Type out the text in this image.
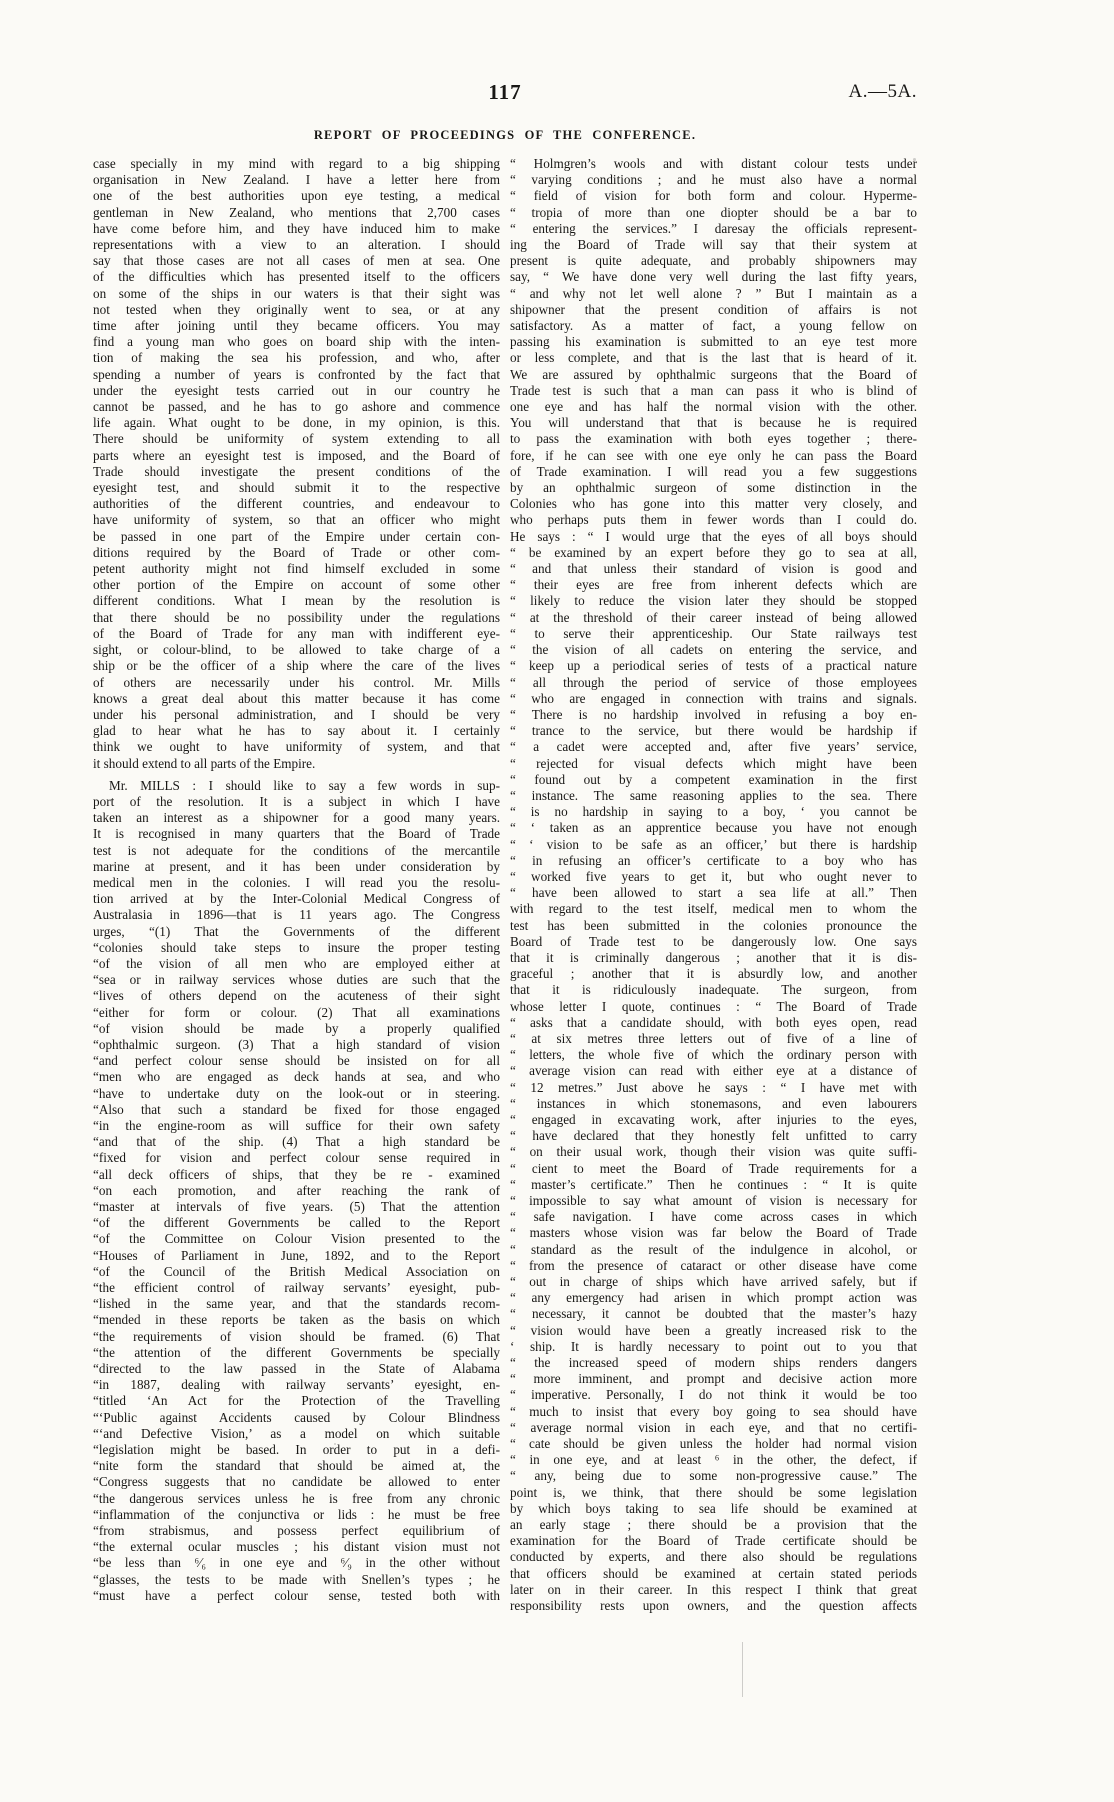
117	A.—5A.
REPORT OF PROCEEDINGS OF THE CONFERENCE.
case specially in my mind with regard to a big shipping
organisation in New Zealand. I have a letter here from
one of the best authorities upon eye testing, a medical
gentleman in New Zealand, who mentions that 2,700 cases
have come before him, and they have induced him to make
representations with a view to an alteration. I should
say that those cases are not all cases of men at sea. One
of the difficulties which has presented itself to the officers
on some of the ships in our waters is that their sight was
not tested when they originally went to sea, or at any
time after joining until they became officers. You may
find a young man who goes on board ship with the inten-
tion of making the sea his profession, and who, after
spending a number of years is confronted by the fact that
under the eyesight tests carried out in our country he
cannot be passed, and he has to go ashore and commence
life again. What ought to be done, in my opinion, is this.
There should be uniformity of system extending to all
parts where an eyesight test is imposed, and the Board of
Trade should investigate the present conditions of the
eyesight test, and should submit it to the respective
authorities of the different countries, and endeavour to
have uniformity of system, so that an officer who might
be passed in one part of the Empire under certain con-
ditions required by the Board of Trade or other com-
petent authority might not find himself excluded in some
other portion of the Empire on account of some other
different conditions. What I mean by the resolution is
that there should be no possibility under the regulations
of the Board of Trade for any man with indifferent eye-
sight, or colour-blind, to be allowed to take charge of a
ship or be the officer of a ship where the care of the lives
of others are necessarily under his control. Mr. Mills
knows a great deal about this matter because it has come
under his personal administration, and I should be very
glad to hear what he has to say about it. I certainly
think we ought to have uniformity of system, and that
it should extend to all parts of the Empire.
Mr. MILLS : I should like to say a few words in sup-
port of the resolution. It is a subject in which I have
taken an interest as a shipowner for a good many years.
It is recognised in many quarters that the Board of Trade
test is not adequate for the conditions of the mercantile
marine at present, and it has been under consideration by
medical men in the colonies. I will read you the resolu-
tion arrived at by the Inter-Colonial Medical Congress of
Australasia in 1896—that is 11 years ago. The Congress
urges, “(1) That the Governments of the different
“colonies should take steps to insure the proper testing
“of the vision of all men who are employed either at
“sea or in railway services whose duties are such that the
“lives of others depend on the acuteness of their sight
“either for form or colour. (2) That all examinations
“of vision should be made by a properly qualified
“ophthalmic surgeon. (3) That a high standard of vision
“and perfect colour sense should be insisted on for all
“men who are engaged as deck hands at sea, and who
“have to undertake duty on the look-out or in steering.
“Also that such a standard be fixed for those engaged
“in the engine-room as will suffice for their own safety
“and that of the ship. (4) That a high standard be
“fixed for vision and perfect colour sense required in
“all deck officers of ships, that they be re - examined
“on each promotion, and after reaching the rank of
“master at intervals of five years. (5) That the attention
“of the different Governments be called to the Report
“of the Committee on Colour Vision presented to the
“Houses of Parliament in June, 1892, and to the Report
“of the Council of the British Medical Association on
“the efficient control of railway servants’ eyesight, pub-
“lished in the same year, and that the standards recom-
“mended in these reports be taken as the basis on which
“the requirements of vision should be framed. (6) That
“the attention of the different Governments be specially
“directed to the law passed in the State of Alabama
“in 1887, dealing with railway servants’ eyesight, en-
“titled ‘An Act for the Protection of the Travelling
“‘Public against Accidents caused by Colour Blindness
“‘and Defective Vision,’ as a model on which suitable
“legislation might be based. In order to put in a defi-
“nite form the standard that should be aimed at, the
“Congress suggests that no candidate be allowed to enter
“the dangerous services unless he is free from any chronic
“inflammation of the conjunctiva or lids : he must be free
“from strabismus, and possess perfect equilibrium of
“the external ocular muscles ; his distant vision must not
“be less than ⁶⁄₆ in one eye and ⁶⁄₉ in the other without
“glasses, the tests to be made with Snellen’s types ; he
“must have a perfect colour sense, tested both with
“ Holmgren’s wools and with distant colour tests under
“ varying conditions ; and he must also have a normal
“ field of vision for both form and colour. Hyperme-
“ tropia of more than one diopter should be a bar to
“ entering the services.” I daresay the officials represent-
ing the Board of Trade will say that their system at
present is quite adequate, and probably shipowners may
say, “ We have done very well during the last fifty years,
“ and why not let well alone ? ” But I maintain as a
shipowner that the present condition of affairs is not
satisfactory. As a matter of fact, a young fellow on
passing his examination is submitted to an eye test more
or less complete, and that is the last that is heard of it.
We are assured by ophthalmic surgeons that the Board of
Trade test is such that a man can pass it who is blind of
one eye and has half the normal vision with the other.
You will understand that that is because he is required
to pass the examination with both eyes together ; there-
fore, if he can see with one eye only he can pass the Board
of Trade examination. I will read you a few suggestions
by an ophthalmic surgeon of some distinction in the
Colonies who has gone into this matter very closely, and
who perhaps puts them in fewer words than I could do.
He says : “ I would urge that the eyes of all boys should
“ be examined by an expert before they go to sea at all,
“ and that unless their standard of vision is good and
“ their eyes are free from inherent defects which are
“ likely to reduce the vision later they should be stopped
“ at the threshold of their career instead of being allowed
“ to serve their apprenticeship. Our State railways test
“ the vision of all cadets on entering the service, and
“ keep up a periodical series of tests of a practical nature
“ all through the period of service of those employees
“ who are engaged in connection with trains and signals.
“ There is no hardship involved in refusing a boy en-
“ trance to the service, but there would be hardship if
“ a cadet were accepted and, after five years’ service,
“ rejected for visual defects which might have been
“ found out by a competent examination in the first
“ instance. The same reasoning applies to the sea. There
“ is no hardship in saying to a boy, ‘ you cannot be
“ ‘ taken as an apprentice because you have not enough
“ ‘ vision to be safe as an officer,’ but there is hardship
“ in refusing an officer’s certificate to a boy who has
“ worked five years to get it, but who ought never to
“ have been allowed to start a sea life at all.” Then
with regard to the test itself, medical men to whom the
test has been submitted in the colonies pronounce the
Board of Trade test to be dangerously low. One says
that it is criminally dangerous ; another that it is dis-
graceful ; another that it is absurdly low, and another
that it is ridiculously inadequate. The surgeon, from
whose letter I quote, continues : “ The Board of Trade
“ asks that a candidate should, with both eyes open, read
“ at six metres three letters out of five of a line of
“ letters, the whole five of which the ordinary person with
“ average vision can read with either eye at a distance of
“ 12 metres.” Just above he says : “ I have met with
“ instances in which stonemasons, and even labourers
“ engaged in excavating work, after injuries to the eyes,
“ have declared that they honestly felt unfitted to carry
“ on their usual work, though their vision was quite suffi-
“ cient to meet the Board of Trade requirements for a
“ master’s certificate.” Then he continues : “ It is quite
“ impossible to say what amount of vision is necessary for
“ safe navigation. I have come across cases in which
“ masters whose vision was far below the Board of Trade
“ standard as the result of the indulgence in alcohol, or
“ from the presence of cataract or other disease have come
“ out in charge of ships which have arrived safely, but if
“ any emergency had arisen in which prompt action was
“ necessary, it cannot be doubted that the master’s hazy
“ vision would have been a greatly increased risk to the
‘ ship. It is hardly necessary to point out to you that
“ the increased speed of modern ships renders dangers
“ more imminent, and prompt and decisive action more
“ imperative. Personally, I do not think it would be too
“ much to insist that every boy going to sea should have
“ average normal vision in each eye, and that no certifi-
“ cate should be given unless the holder had normal vision
“ in one eye, and at least ⁶ in the other, the defect, if
“ any, being due to some non-progressive cause.” The
point is, we think, that there should be some legislation
by which boys taking to sea life should be examined at
an early stage ; there should be a provision that the
examination for the Board of Trade certificate should be
conducted by experts, and there also should be regulations
that officers should be examined at certain stated periods
later on in their career. In this respect I think that great
responsibility rests upon owners, and the question affects
